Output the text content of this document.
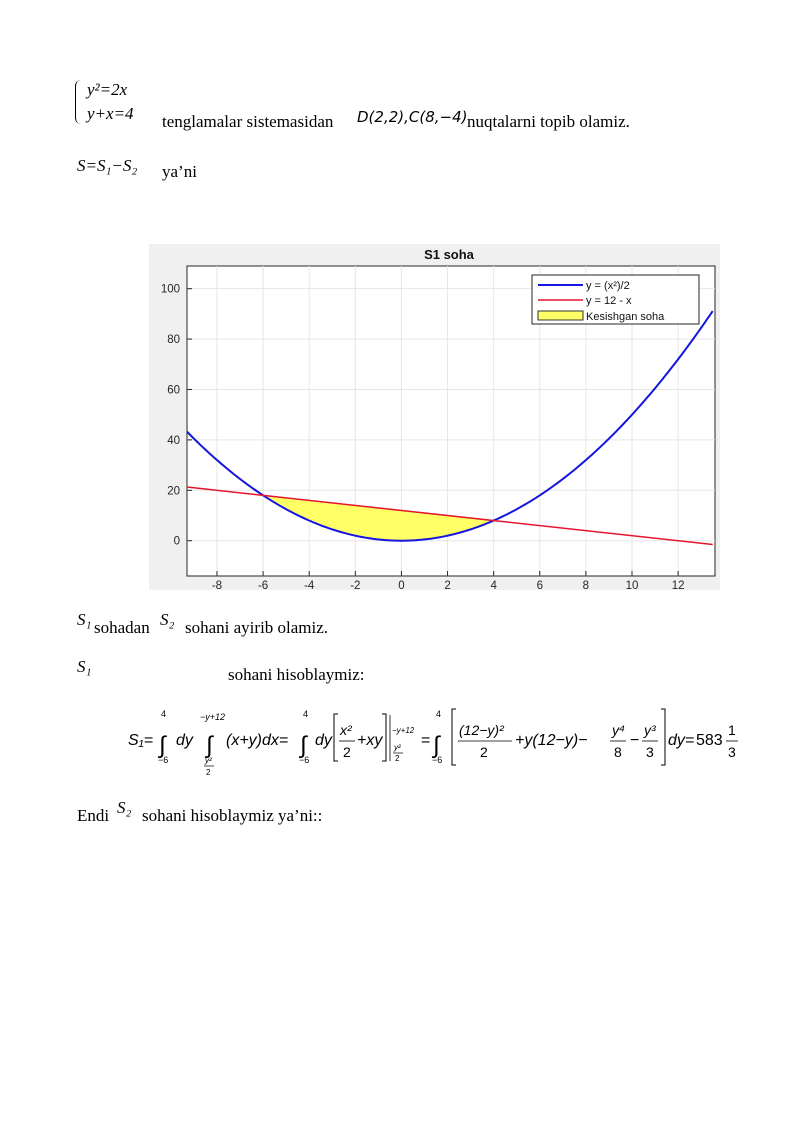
y²=2x
y+x=4 tenglamalar sistemasidan D(2,2),C(8,−4) nuqtalarni topib olamiz.
S=S₁−S₂ ya’ni
-8	-6	-4	-2	0	2	4	6	8	10	12
0
20
40
60
80
100
S1 soha
y = (x²)/2
y = 12 - x
Kesishgan soha
S₁ sohadan S₂ sohani ayirib olamiz.
S₁	sohani hisoblaymiz:
S₁= ∫
4
−6
dy ∫
−y+12
y²
2
(x+y)dx= ∫
4
−6
dy
x²
2
+xy
−y+12
y²
2
= ∫
4
−6
(12−y)²
2
+y(12−y)−
y⁴
8
−
y³
3
dy= 583
1
3
Endi S₂ sohani hisoblaymiz ya’ni::
